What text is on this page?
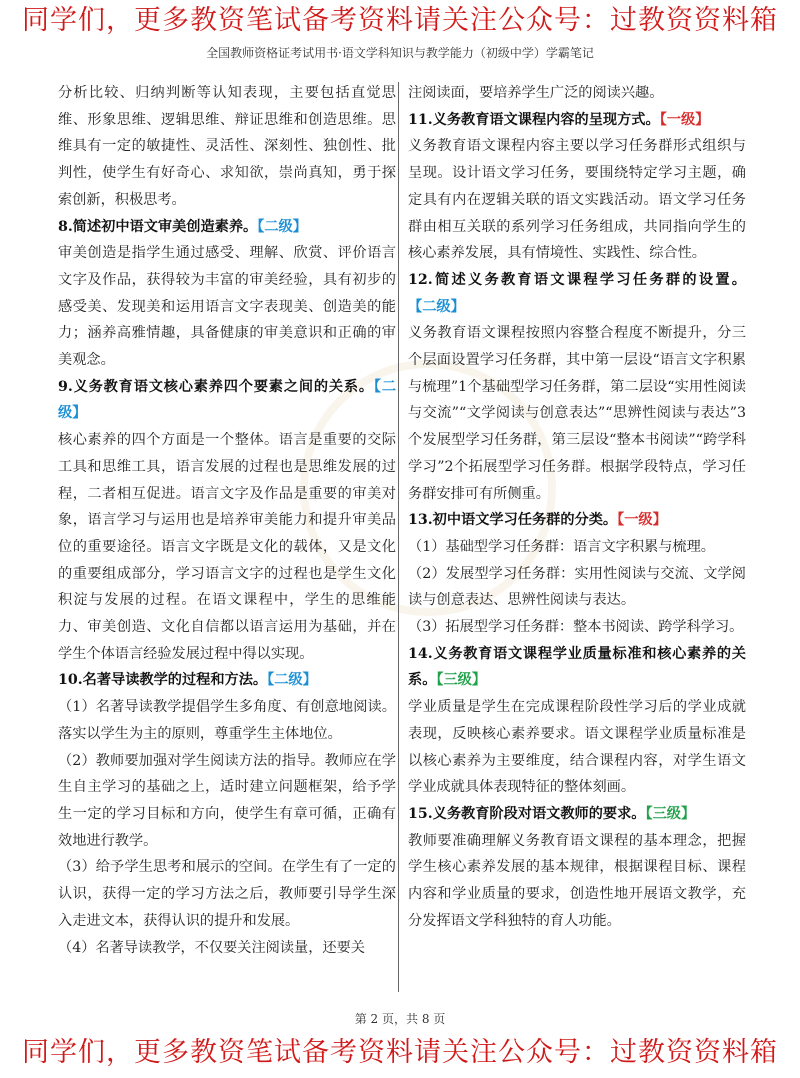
同学们，更多教资笔试备考资料请关注公众号：过教资资料箱
全国教师资格证考试用书·语文学科知识与教学能力（初级中学）学霸笔记

分析比较、归纳判断等认知表现，主要包括直觉思维、形象思维、逻辑思维、辩证思维和创造思维。思维具有一定的敏捷性、灵活性、深刻性、独创性、批判性，使学生有好奇心、求知欲，崇尚真知，勇于探索创新，积极思考。

8.简述初中语文审美创造素养。【二级】

审美创造是指学生通过感受、理解、欣赏、评价语言文字及作品，获得较为丰富的审美经验，具有初步的感受美、发现美和运用语言文字表现美、创造美的能力；涵养高雅情趣，具备健康的审美意识和正确的审美观念。

9.义务教育语文核心素养四个要素之间的关系。【二级】

核心素养的四个方面是一个整体。语言是重要的交际工具和思维工具，语言发展的过程也是思维发展的过程，二者相互促进。语言文字及作品是重要的审美对象，语言学习与运用也是培养审美能力和提升审美品位的重要途径。语言文字既是文化的载体，又是文化的重要组成部分，学习语言文字的过程也是学生文化积淀与发展的过程。在语文课程中，学生的思维能力、审美创造、文化自信都以语言运用为基础，并在学生个体语言经验发展过程中得以实现。

10.名著导读教学的过程和方法。【二级】

（1）名著导读教学提倡学生多角度、有创意地阅读。落实以学生为主的原则，尊重学生主体地位。

（2）教师要加强对学生阅读方法的指导。教师应在学生自主学习的基础之上，适时建立问题框架，给予学生一定的学习目标和方向，使学生有章可循，正确有效地进行教学。

（3）给予学生思考和展示的空间。在学生有了一定的认识，获得一定的学习方法之后，教师要引导学生深入走进文本，获得认识的提升和发展。

（4）名著导读教学，不仅要关注阅读量，还要关

注阅读面，要培养学生广泛的阅读兴趣。

11.义务教育语文课程内容的呈现方式。【一级】

义务教育语文课程内容主要以学习任务群形式组织与呈现。设计语文学习任务，要围绕特定学习主题，确定具有内在逻辑关联的语文实践活动。语文学习任务群由相互关联的系列学习任务组成，共同指向学生的核心素养发展，具有情境性、实践性、综合性。

12.简述义务教育语文课程学习任务群的设置。【二级】

义务教育语文课程按照内容整合程度不断提升，分三个层面设置学习任务群，其中第一层设“语言文字积累与梳理”1个基础型学习任务群，第二层设“实用性阅读与交流”“文学阅读与创意表达”“思辨性阅读与表达”3个发展型学习任务群，第三层设“整本书阅读”“跨学科学习”2个拓展型学习任务群。根据学段特点，学习任务群安排可有所侧重。

13.初中语文学习任务群的分类。【一级】

（1）基础型学习任务群：语言文字积累与梳理。

（2）发展型学习任务群：实用性阅读与交流、文学阅读与创意表达、思辨性阅读与表达。

（3）拓展型学习任务群：整本书阅读、跨学科学习。

14.义务教育语文课程学业质量标准和核心素养的关系。【三级】

学业质量是学生在完成课程阶段性学习后的学业成就表现，反映核心素养要求。语文课程学业质量标准是以核心素养为主要维度，结合课程内容，对学生语文学业成就具体表现特征的整体刻画。

15.义务教育阶段对语文教师的要求。【三级】

教师要准确理解义务教育语文课程的基本理念，把握学生核心素养发展的基本规律，根据课程目标、课程内容和学业质量的要求，创造性地开展语文教学，充分发挥语文学科独特的育人功能。

第 2 页，共 8 页
同学们，更多教资笔试备考资料请关注公众号：过教资资料箱
